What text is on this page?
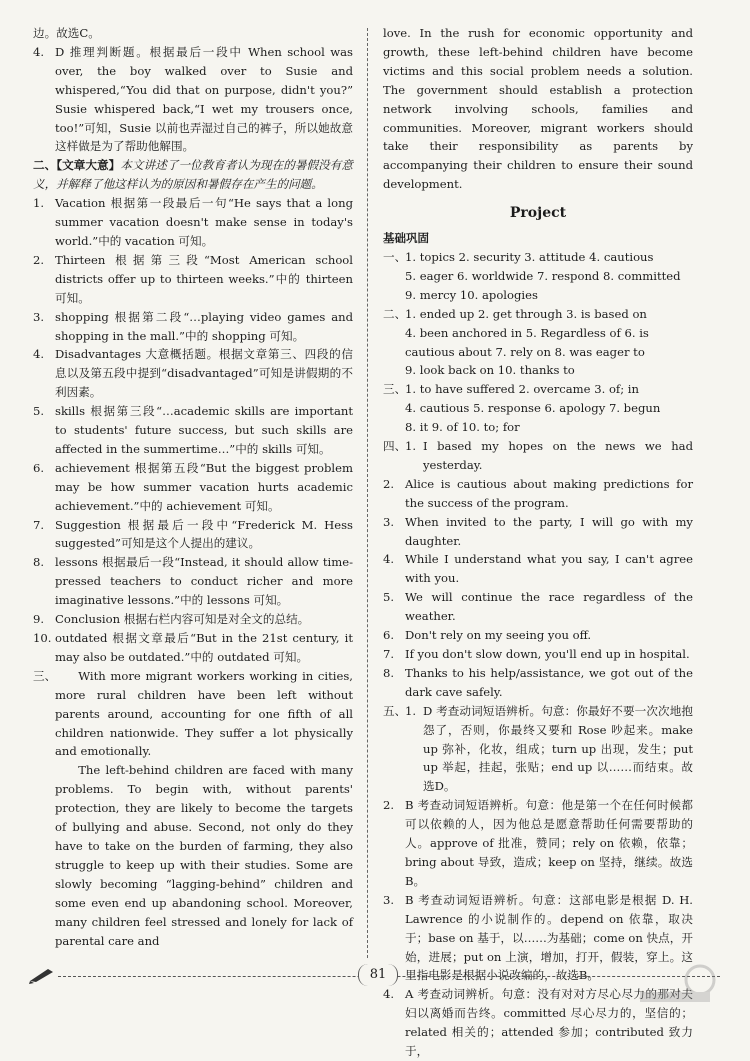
边。故选C。

4. D 推理判断题。根据最后一段中 When school was over, the boy walked over to Susie and whispered,“You did that on purpose, didn't you?” Susie whispered back,“I wet my trousers once, too!”可知，Susie 以前也弄湿过自己的裤子，所以她故意这样做是为了帮助他解围。

二、【文章大意】本文讲述了一位教育者认为现在的暑假没有意义，并解释了他这样认为的原因和暑假存在产生的问题。

1. Vacation 根据第一段最后一句“He says that a long summer vacation doesn't make sense in today's world.”中的 vacation 可知。

2. Thirteen 根据第三段“Most American school districts offer up to thirteen weeks.”中的 thirteen 可知。

3. shopping 根据第二段“…playing video games and shopping in the mall.”中的 shopping 可知。

4. Disadvantages 大意概括题。根据文章第三、四段的信息以及第五段中提到“disadvantaged”可知是讲假期的不利因素。

5. skills 根据第三段“…academic skills are important to students' future success, but such skills are affected in the summertime…”中的 skills 可知。

6. achievement 根据第五段“But the biggest problem may be how summer vacation hurts academic achievement.”中的 achievement 可知。

7. Suggestion 根据最后一段中“Frederick M. Hess suggested”可知是这个人提出的建议。

8. lessons 根据最后一段“Instead, it should allow time-pressed teachers to conduct richer and more imaginative lessons.”中的 lessons 可知。

9. Conclusion 根据右栏内容可知是对全文的总结。

10. outdated 根据文章最后“But in the 21st century, it may also be outdated.”中的 outdated 可知。

三、	With more migrant workers working in cities, more rural children have been left without parents around, accounting for one fifth of all children nationwide. They suffer a lot physically and emotionally.
The left-behind children are faced with many problems. To begin with, without parents' protection, they are likely to become the targets of bullying and abuse. Second, not only do they have to take on the burden of farming, they also struggle to keep up with their studies. Some are slowly becoming “lagging-behind” children and some even end up abandoning school. Moreover, many children feel stressed and lonely for lack of parental care and

love. In the rush for economic opportunity and growth, these left-behind children have become victims and this social problem needs a solution. The government should establish a protection network involving schools, families and communities. Moreover, migrant workers should take their responsibility as parents by accompanying their children to ensure their sound development.

Project

基础巩固

一、
1. topics 2. security 3. attitude 4. cautious
5. eager 6. worldwide 7. respond 8. committed
9. mercy 10. apologies
二、
1. ended up 2. get through 3. is based on
4. been anchored in 5. Regardless of 6. is
cautious about 7. rely on 8. was eager to
9. look back on 10. thanks to
三、
1. to have suffered 2. overcame 3. of; in
4. cautious 5. response 6. apology 7. begun
8. it 9. of 10. to; for

四、
1. I based my hopes on the news we had yesterday.

2. Alice is cautious about making predictions for the success of the program.

3. When invited to the party, I will go with my daughter.

4. While I understand what you say, I can't agree with you.

5. We will continue the race regardless of the weather.

6. Don't rely on my seeing you off.

7. If you don't slow down, you'll end up in hospital.

8. Thanks to his help/assistance, we got out of the dark cave safely.

五、
1. D 考查动词短语辨析。句意：你最好不要一次次地抱怨了，否则，你最终又要和 Rose 吵起来。make up 弥补，化妆，组成；turn up 出现，发生；put up 举起，挂起，张贴；end up 以……而结束。故选D。

2. B 考查动词短语辨析。句意：他是第一个在任何时候都可以依赖的人，因为他总是愿意帮助任何需要帮助的人。approve of 批准，赞同；rely on 依赖，依靠；bring about 导致，造成；keep on 坚持，继续。故选B。

3. B 考查动词短语辨析。句意：这部电影是根据 D. H. Lawrence 的小说制作的。depend on 依靠，取决于；base on 基于，以……为基础；come on 快点，开始，进展；put on 上演，增加，打开，假装，穿上。这里指电影是根据小说改编的，故选B。

4. A 考查动词辨析。句意：没有对对方尽心尽力的那对夫妇以离婚而告终。committed 尽心尽力的，坚信的；related 相关的；attended 参加；contributed 致力于，

81
